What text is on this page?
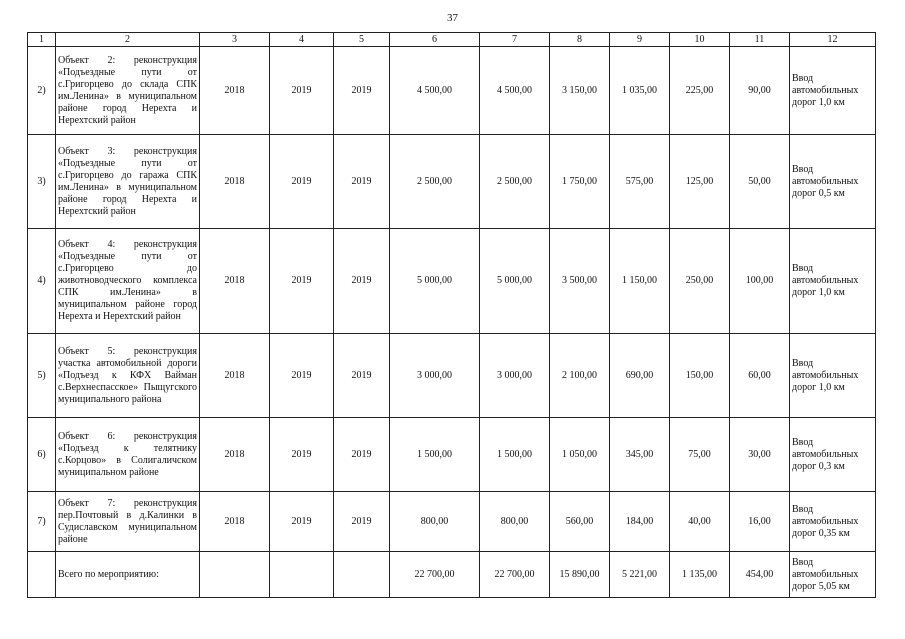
37
1	2	3	4	5	6	7	8	9	10	11	12
2)	Объект 2: реконструкция «Подъездные пути от с.Григорцево до склада СПК им.Ленина» в муниципальном районе город Нерехта и Нерехтский район	2018	2019	2019	4 500,00	4 500,00	3 150,00	1 035,00	225,00	90,00	Ввод автомобильных дорог 1,0 км
3)	Объект 3: реконструкция «Подъездные пути от с.Григорцево до гаража СПК им.Ленина» в муниципальном районе город Нерехта и Нерехтский район	2018	2019	2019	2 500,00	2 500,00	1 750,00	575,00	125,00	50,00	Ввод автомобильных дорог 0,5 км
4)	Объект 4: реконструкция «Подъездные пути от с.Григорцево до животноводческого комплекса СПК им.Ленина» в муниципальном районе город Нерехта и Нерехтский район	2018	2019	2019	5 000,00	5 000,00	3 500,00	1 150,00	250,00	100,00	Ввод автомобильных дорог 1,0 км
5)	Объект 5: реконструкция участка автомобильной дороги «Подъезд к КФХ Вайман с.Верхнеспасское» Пыщугского муниципального района	2018	2019	2019	3 000,00	3 000,00	2 100,00	690,00	150,00	60,00	Ввод автомобильных дорог 1,0 км
6)	Объект 6: реконструкция «Подъезд к телятнику с.Корцово» в Солигаличском муниципальном районе	2018	2019	2019	1 500,00	1 500,00	1 050,00	345,00	75,00	30,00	Ввод автомобильных дорог 0,3 км
7)	Объект 7: реконструкция пер.Почтовый в д.Калинки в Судиславском муниципальном районе	2018	2019	2019	800,00	800,00	560,00	184,00	40,00	16,00	Ввод автомобильных дорог 0,35 км
	Всего по мероприятию:				22 700,00	22 700,00	15 890,00	5 221,00	1 135,00	454,00	Ввод автомобильных дорог 5,05 км
